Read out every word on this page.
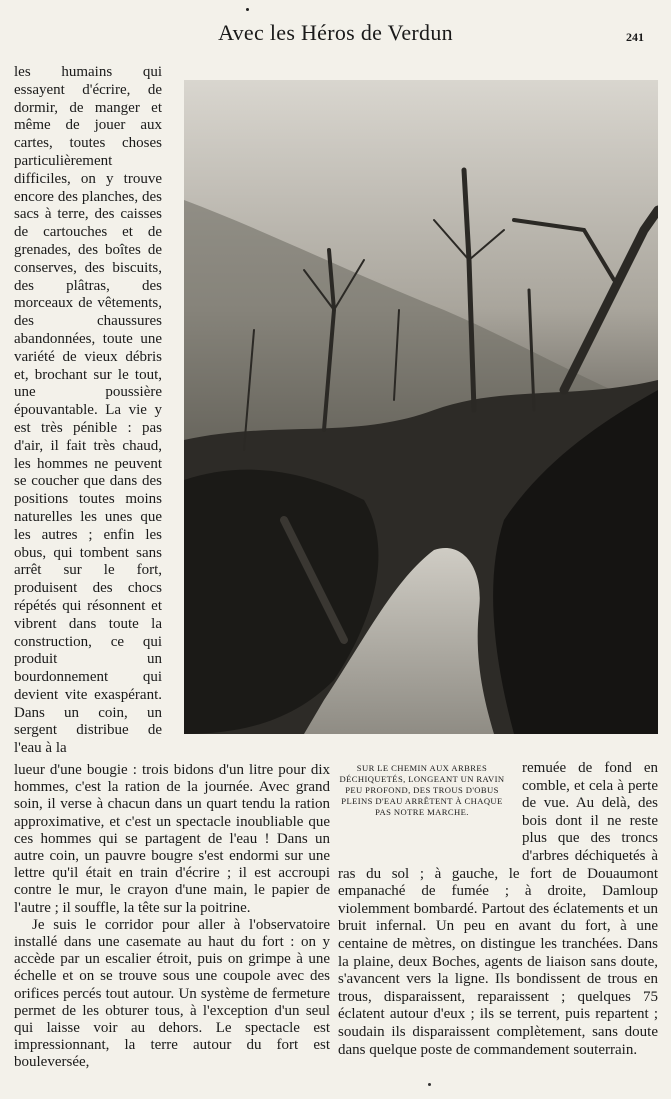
Avec les Héros de Verdun	241

les humains qui essayent d'écrire, de dormir, de manger et même de jouer aux cartes, toutes choses particulièrement difficiles, on y trouve encore des planches, des sacs à terre, des caisses de cartouches et de grenades, des boîtes de conserves, des biscuits, des plâtras, des morceaux de vêtements, des chaussures abandonnées, toute une variété de vieux débris et, brochant sur le tout, une poussière épouvantable. La vie y est très pénible : pas d'air, il fait très chaud, les hommes ne peuvent se coucher que dans des positions toutes moins naturelles les unes que les autres ; enfin les obus, qui tombent sans arrêt sur le fort, produisent des chocs répétés qui résonnent et vibrent dans toute la construction, ce qui produit un bourdonnement qui devient vite exaspérant. Dans un coin, un sergent distribue de l'eau à la

SUR LE CHEMIN AUX ARBRES DÉCHIQUETÉS, LONGEANT UN RAVIN PEU PROFOND, DES TROUS D'OBUS PLEINS D'EAU ARRÊTENT À CHAQUE PAS NOTRE MARCHE.

lueur d'une bougie : trois bidons d'un litre pour dix hommes, c'est la ration de la journée. Avec grand soin, il verse à chacun dans un quart tendu la ration approximative, et c'est un spectacle inoubliable que ces hommes qui se partagent de l'eau ! Dans un autre coin, un pauvre bougre s'est endormi sur une lettre qu'il était en train d'écrire ; il est accroupi contre le mur, le crayon d'une main, le papier de l'autre ; il souffle, la tête sur la poitrine.

Je suis le corridor pour aller à l'observatoire installé dans une casemate au haut du fort : on y accède par un escalier étroit, puis on grimpe à une échelle et on se trouve sous une coupole avec des orifices percés tout autour. Un système de fermeture permet de les obturer tous, à l'exception d'un seul qui laisse voir au dehors. Le spectacle est impressionnant, la terre autour du fort est bouleversée,

remuée de fond en comble, et cela à perte de vue. Au delà, des bois dont il ne reste plus que des troncs d'arbres déchiquetés à ras du sol ; à gauche, le fort de Douaumont empanaché de fumée ; à droite, Damloup violemment bombardé. Partout des éclatements et un bruit infernal. Un peu en avant du fort, à une centaine de mètres, on distingue les tranchées. Dans la plaine, deux Boches, agents de liaison sans doute, s'avancent vers la ligne. Ils bondissent de trous en trous, disparaissent, reparaissent ; quelques 75 éclatent autour d'eux ; ils se terrent, puis repartent ; soudain ils disparaissent complètement, sans doute dans quelque poste de commandement souterrain.
